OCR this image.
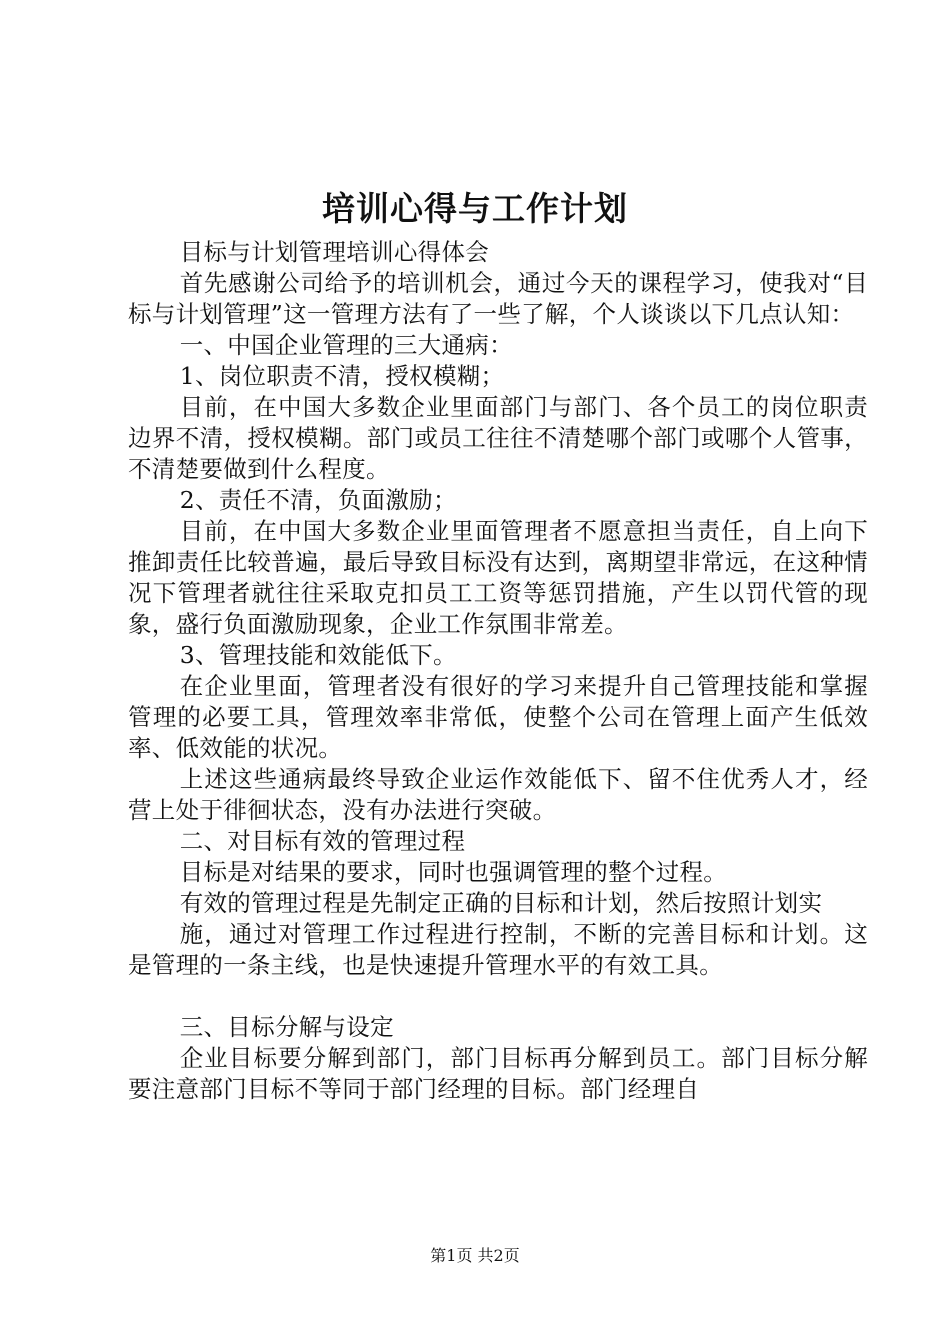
培训心得与工作计划

目标与计划管理培训心得体会

首先感谢公司给予的培训机会，通过今天的课程学习，使我对“目标与计划管理”这一管理方法有了一些了解，个人谈谈以下几点认知：

一、中国企业管理的三大通病：

1、岗位职责不清，授权模糊；

目前，在中国大多数企业里面部门与部门、各个员工的岗位职责边界不清，授权模糊。部门或员工往往不清楚哪个部门或哪个人管事，不清楚要做到什么程度。

2、责任不清，负面激励；

目前，在中国大多数企业里面管理者不愿意担当责任，自上向下推卸责任比较普遍，最后导致目标没有达到，离期望非常远，在这种情况下管理者就往往采取克扣员工工资等惩罚措施，产生以罚代管的现象，盛行负面激励现象，企业工作氛围非常差。

3、管理技能和效能低下。

在企业里面，管理者没有很好的学习来提升自己管理技能和掌握管理的必要工具，管理效率非常低，使整个公司在管理上面产生低效率、低效能的状况。

上述这些通病最终导致企业运作效能低下、留不住优秀人才，经营上处于徘徊状态，没有办法进行突破。

二、对目标有效的管理过程

目标是对结果的要求，同时也强调管理的整个过程。

有效的管理过程是先制定正确的目标和计划，然后按照计划实

施，通过对管理工作过程进行控制，不断的完善目标和计划。这是管理的一条主线，也是快速提升管理水平的有效工具。

三、目标分解与设定

企业目标要分解到部门，部门目标再分解到员工。部门目标分解要注意部门目标不等同于部门经理的目标。部门经理自

第1页 共2页
